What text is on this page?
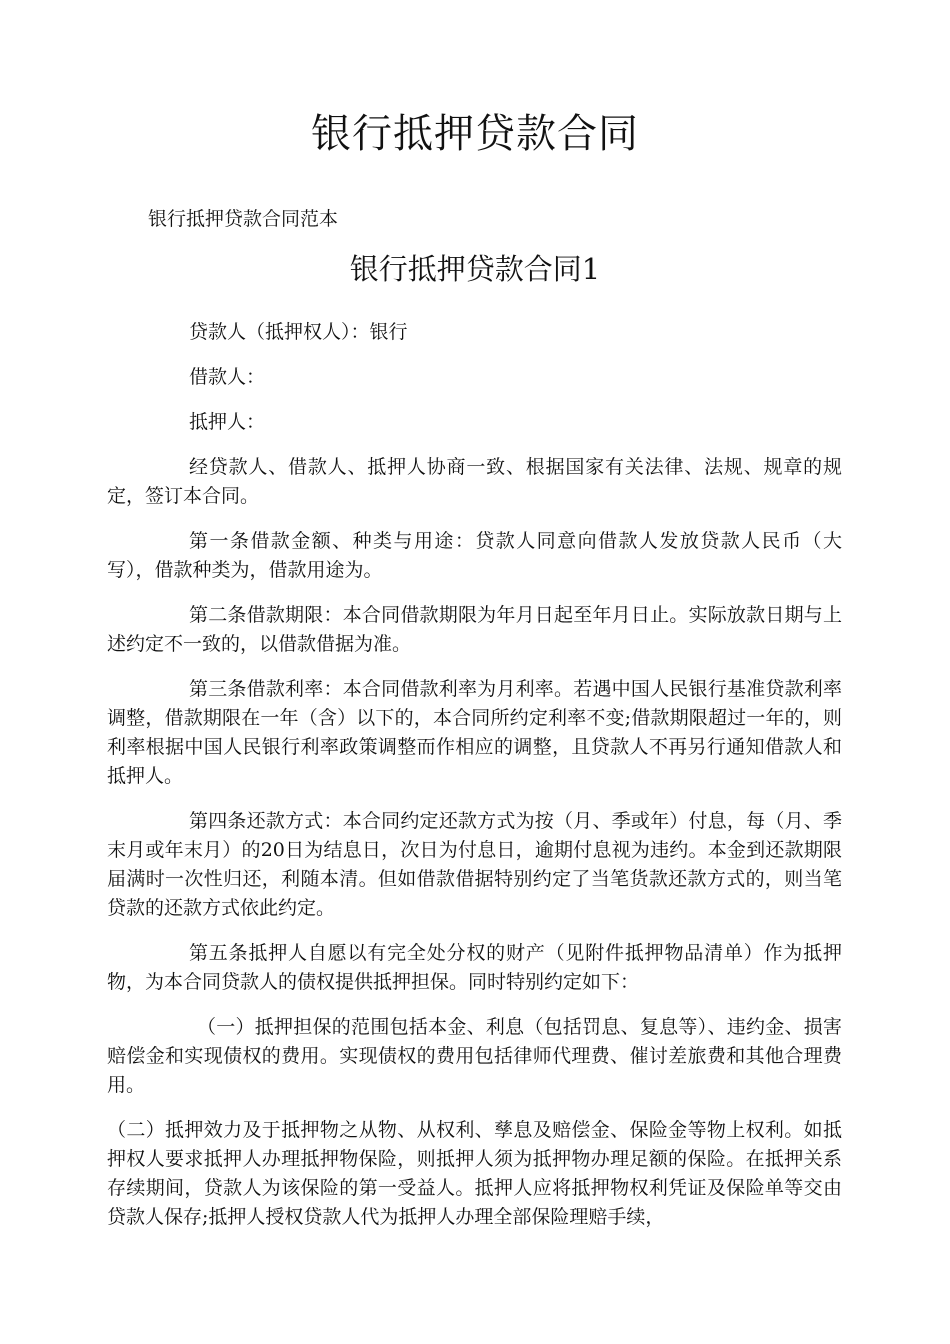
银行抵押贷款合同
银行抵押贷款合同范本
银行抵押贷款合同1

贷款人（抵押权人）：银行

借款人：

抵押人：

经贷款人、借款人、抵押人协商一致、根据国家有关法律、法规、规章的规定，签订本合同。

第一条借款金额、种类与用途：贷款人同意向借款人发放贷款人民币（大写），借款种类为，借款用途为。

第二条借款期限：本合同借款期限为年月日起至年月日止。实际放款日期与上述约定不一致的，以借款借据为准。

第三条借款利率：本合同借款利率为月利率。若遇中国人民银行基准贷款利率调整，借款期限在一年（含）以下的，本合同所约定利率不变;借款期限超过一年的，则利率根据中国人民银行利率政策调整而作相应的调整，且贷款人不再另行通知借款人和抵押人。

第四条还款方式：本合同约定还款方式为按（月、季或年）付息，每（月、季末月或年末月）的20日为结息日，次日为付息日，逾期付息视为违约。本金到还款期限届满时一次性归还，利随本清。但如借款借据特别约定了当笔货款还款方式的，则当笔贷款的还款方式依此约定。

第五条抵押人自愿以有完全处分权的财产（见附件抵押物品清单）作为抵押物，为本合同贷款人的债权提供抵押担保。同时特别约定如下：

（一）抵押担保的范围包括本金、利息（包括罚息、复息等）、违约金、损害赔偿金和实现债权的费用。实现债权的费用包括律师代理费、催讨差旅费和其他合理费用。

（二）抵押效力及于抵押物之从物、从权利、孳息及赔偿金、保险金等物上权利。如抵押权人要求抵押人办理抵押物保险，则抵押人须为抵押物办理足额的保险。在抵押关系存续期间，贷款人为该保险的第一受益人。抵押人应将抵押物权利凭证及保险单等交由贷款人保存;抵押人授权贷款人代为抵押人办理全部保险理赔手续，
